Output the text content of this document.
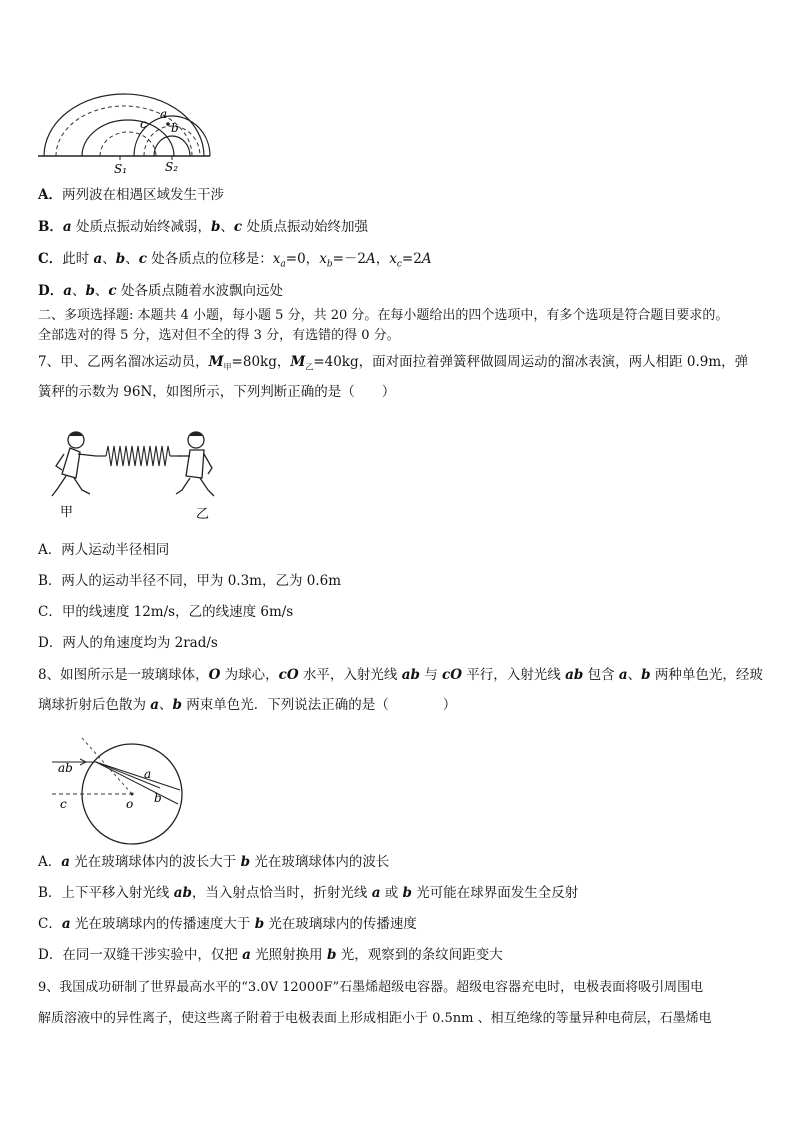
a
b
c
S₁	S₂
A．两列波在相遇区域发生干涉
B．a 处质点振动始终减弱，b、c 处质点振动始终加强
C．此时 a、b、c 处各质点的位移是：$x_a=0$，$x_b=-2A$，$x_c=2A$
D．a、b、c 处各质点随着水波飘向远处
二、多项选择题: 本题共 4 小题，每小题 5 分，共 20 分。在每小题给出的四个选项中，有多个选项是符合题目要求的。
全部选对的得 5 分，选对但不全的得 3 分，有选错的得 0 分。
7、甲、乙两名溜冰运动员，$M_甲=80kg$，$M_乙=40kg$，面对面拉着弹簧秤做圆周运动的溜冰表演，两人相距 0.9m，弹
簧秤的示数为 96N，如图所示，下列判断正确的是（　　）
甲	乙
A．两人运动半径相同
B．两人的运动半径不同，甲为 0.3m，乙为 0.6m
C．甲的线速度 12m/s，乙的线速度 6m/s
D．两人的角速度均为 2rad/s
8、如图所示是一玻璃球体，O 为球心，cO 水平，入射光线 ab 与 cO 平行，入射光线 ab 包含 a、b 两种单色光，经玻
璃球折射后色散为 a、b 两束单色光．下列说法正确的是（　　　　）
ab	a
b
c	o
A．a 光在玻璃球体内的波长大于 b 光在玻璃球体内的波长
B．上下平移入射光线 ab，当入射点恰当时，折射光线 a 或 b 光可能在球界面发生全反射
C．a 光在玻璃球内的传播速度大于 b 光在玻璃球内的传播速度
D．在同一双缝干涉实验中，仅把 a 光照射换用 b 光，观察到的条纹间距变大
9、我国成功研制了世界最高水平的“3.0V 12000F”石墨烯超级电容器。超级电容器充电时，电极表面将吸引周围电
解质溶液中的异性离子，使这些离子附着于电极表面上形成相距小于 0.5nm 、相互绝缘的等量异种电荷层，石墨烯电
